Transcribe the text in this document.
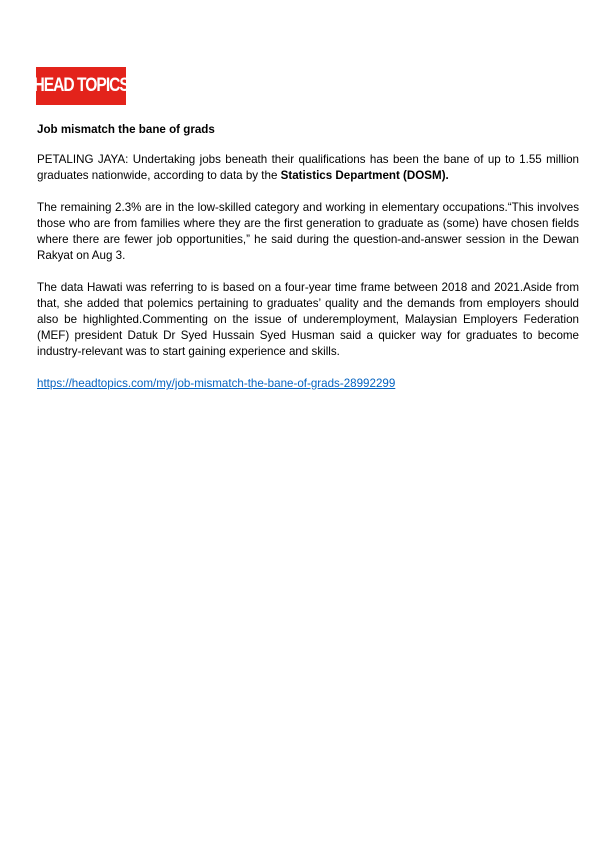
HEAD TOPICS
Job mismatch the bane of grads

PETALING JAYA: Undertaking jobs beneath their qualifications has been the bane of up to 1.55 million graduates nationwide, according to data by the Statistics Department (DOSM).

The remaining 2.3% are in the low-skilled category and working in elementary occupations.“This involves those who are from families where they are the first generation to graduate as (some) have chosen fields where there are fewer job opportunities,” he said during the question-and-answer session in the Dewan Rakyat on Aug 3.

The data Hawati was referring to is based on a four-year time frame between 2018 and 2021.Aside from that, she added that polemics pertaining to graduates’ quality and the demands from employers should also be highlighted.Commenting on the issue of underemployment, Malaysian Employers Federation (MEF) president Datuk Dr Syed Hussain Syed Husman said a quicker way for graduates to become industry-relevant was to start gaining experience and skills.

https://headtopics.com/my/job-mismatch-the-bane-of-grads-28992299
